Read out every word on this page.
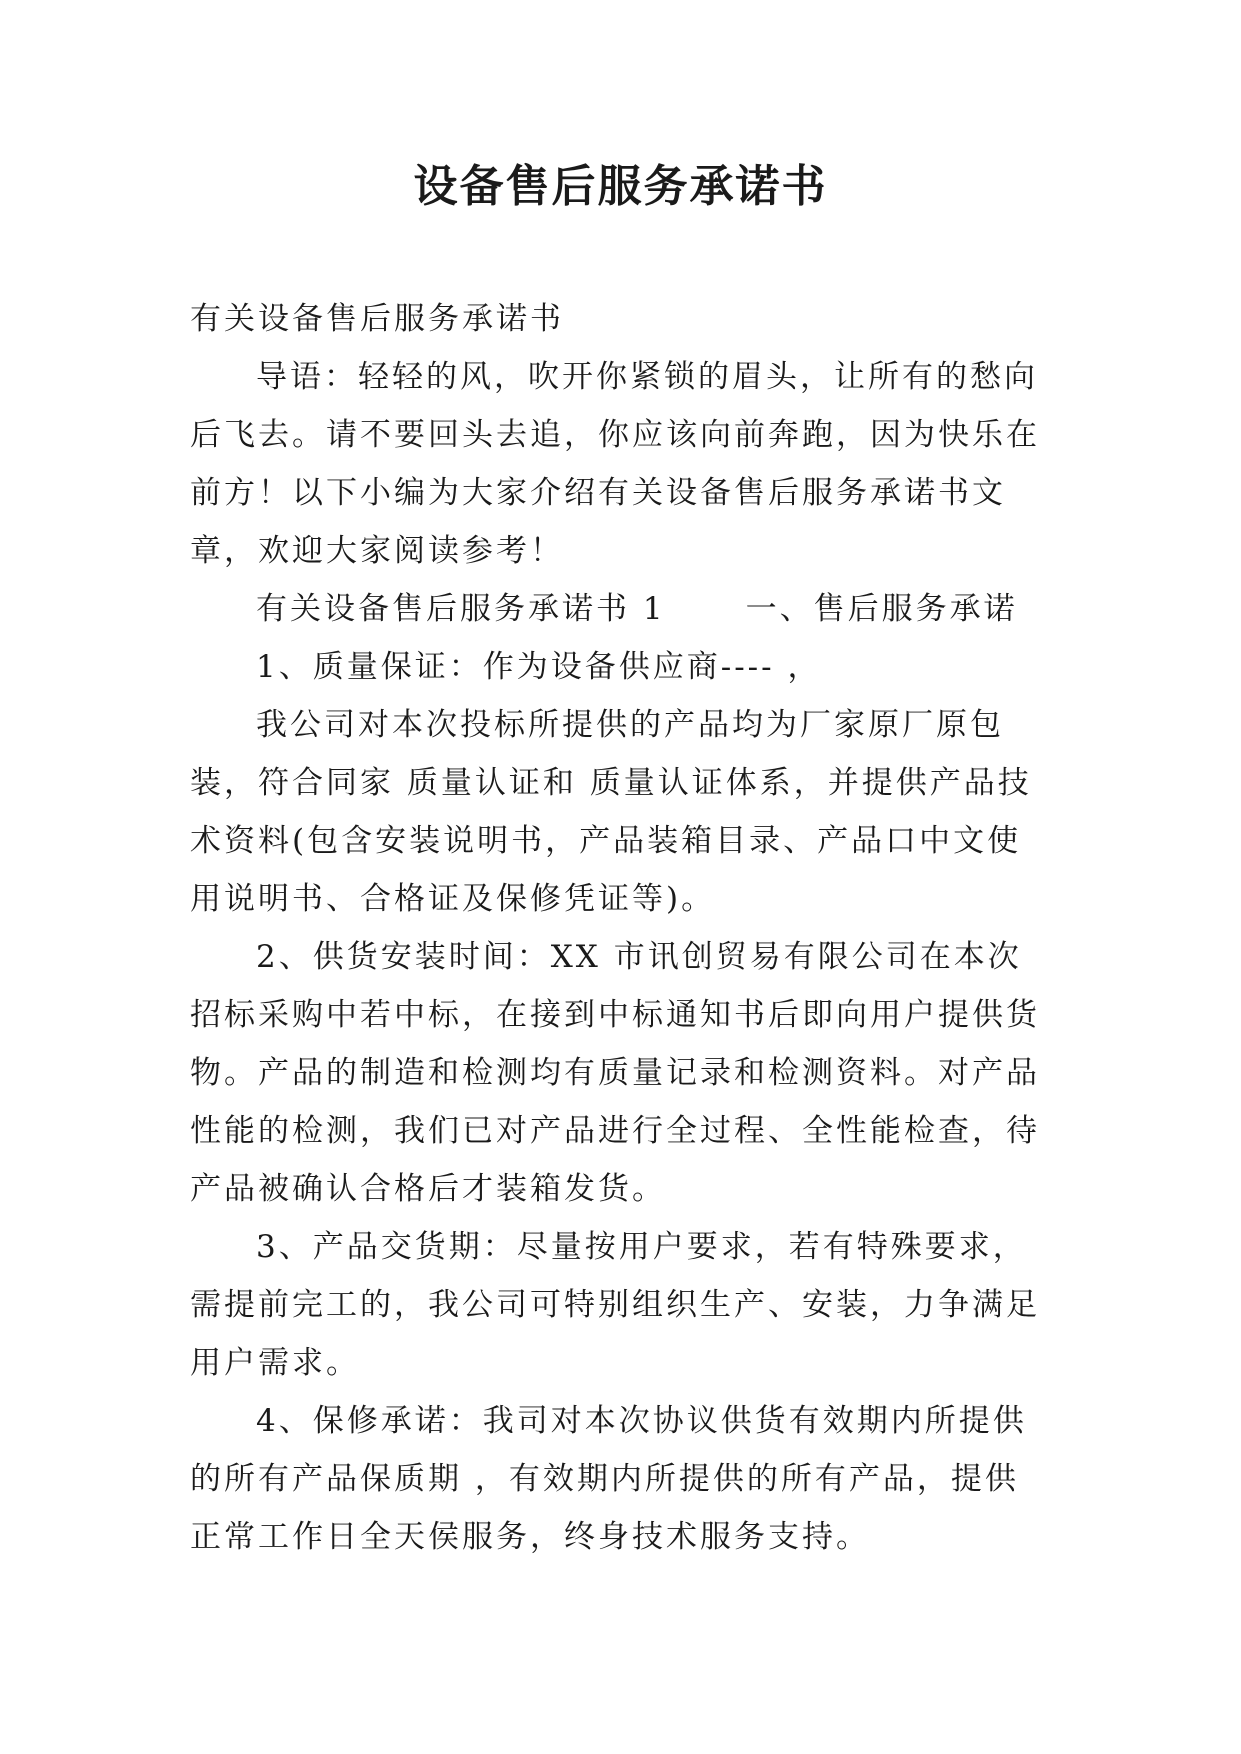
设备售后服务承诺书

有关设备售后服务承诺书

导语：轻轻的风，吹开你紧锁的眉头，让所有的愁向后飞去。请不要回头去追，你应该向前奔跑，因为快乐在前方！以下小编为大家介绍有关设备售后服务承诺书文章，欢迎大家阅读参考！

有关设备售后服务承诺书 1	一、售后服务承诺

1、质量保证：作为设备供应商---- ，

我公司对本次投标所提供的产品均为厂家原厂原包装，符合同家 质量认证和 质量认证体系，并提供产品技术资料(包含安装说明书，产品装箱目录、产品口中文使用说明书、合格证及保修凭证等)。

2、供货安装时间：XX 市讯创贸易有限公司在本次招标采购中若中标，在接到中标通知书后即向用户提供货物。产品的制造和检测均有质量记录和检测资料。对产品性能的检测，我们已对产品进行全过程、全性能检查，待产品被确认合格后才装箱发货。

3、产品交货期：尽量按用户要求，若有特殊要求，需提前完工的，我公司可特别组织生产、安装，力争满足用户需求。

4、保修承诺：我司对本次协议供货有效期内所提供的所有产品保质期 ，有效期内所提供的所有产品，提供正常工作日全天侯服务，终身技术服务支持。
